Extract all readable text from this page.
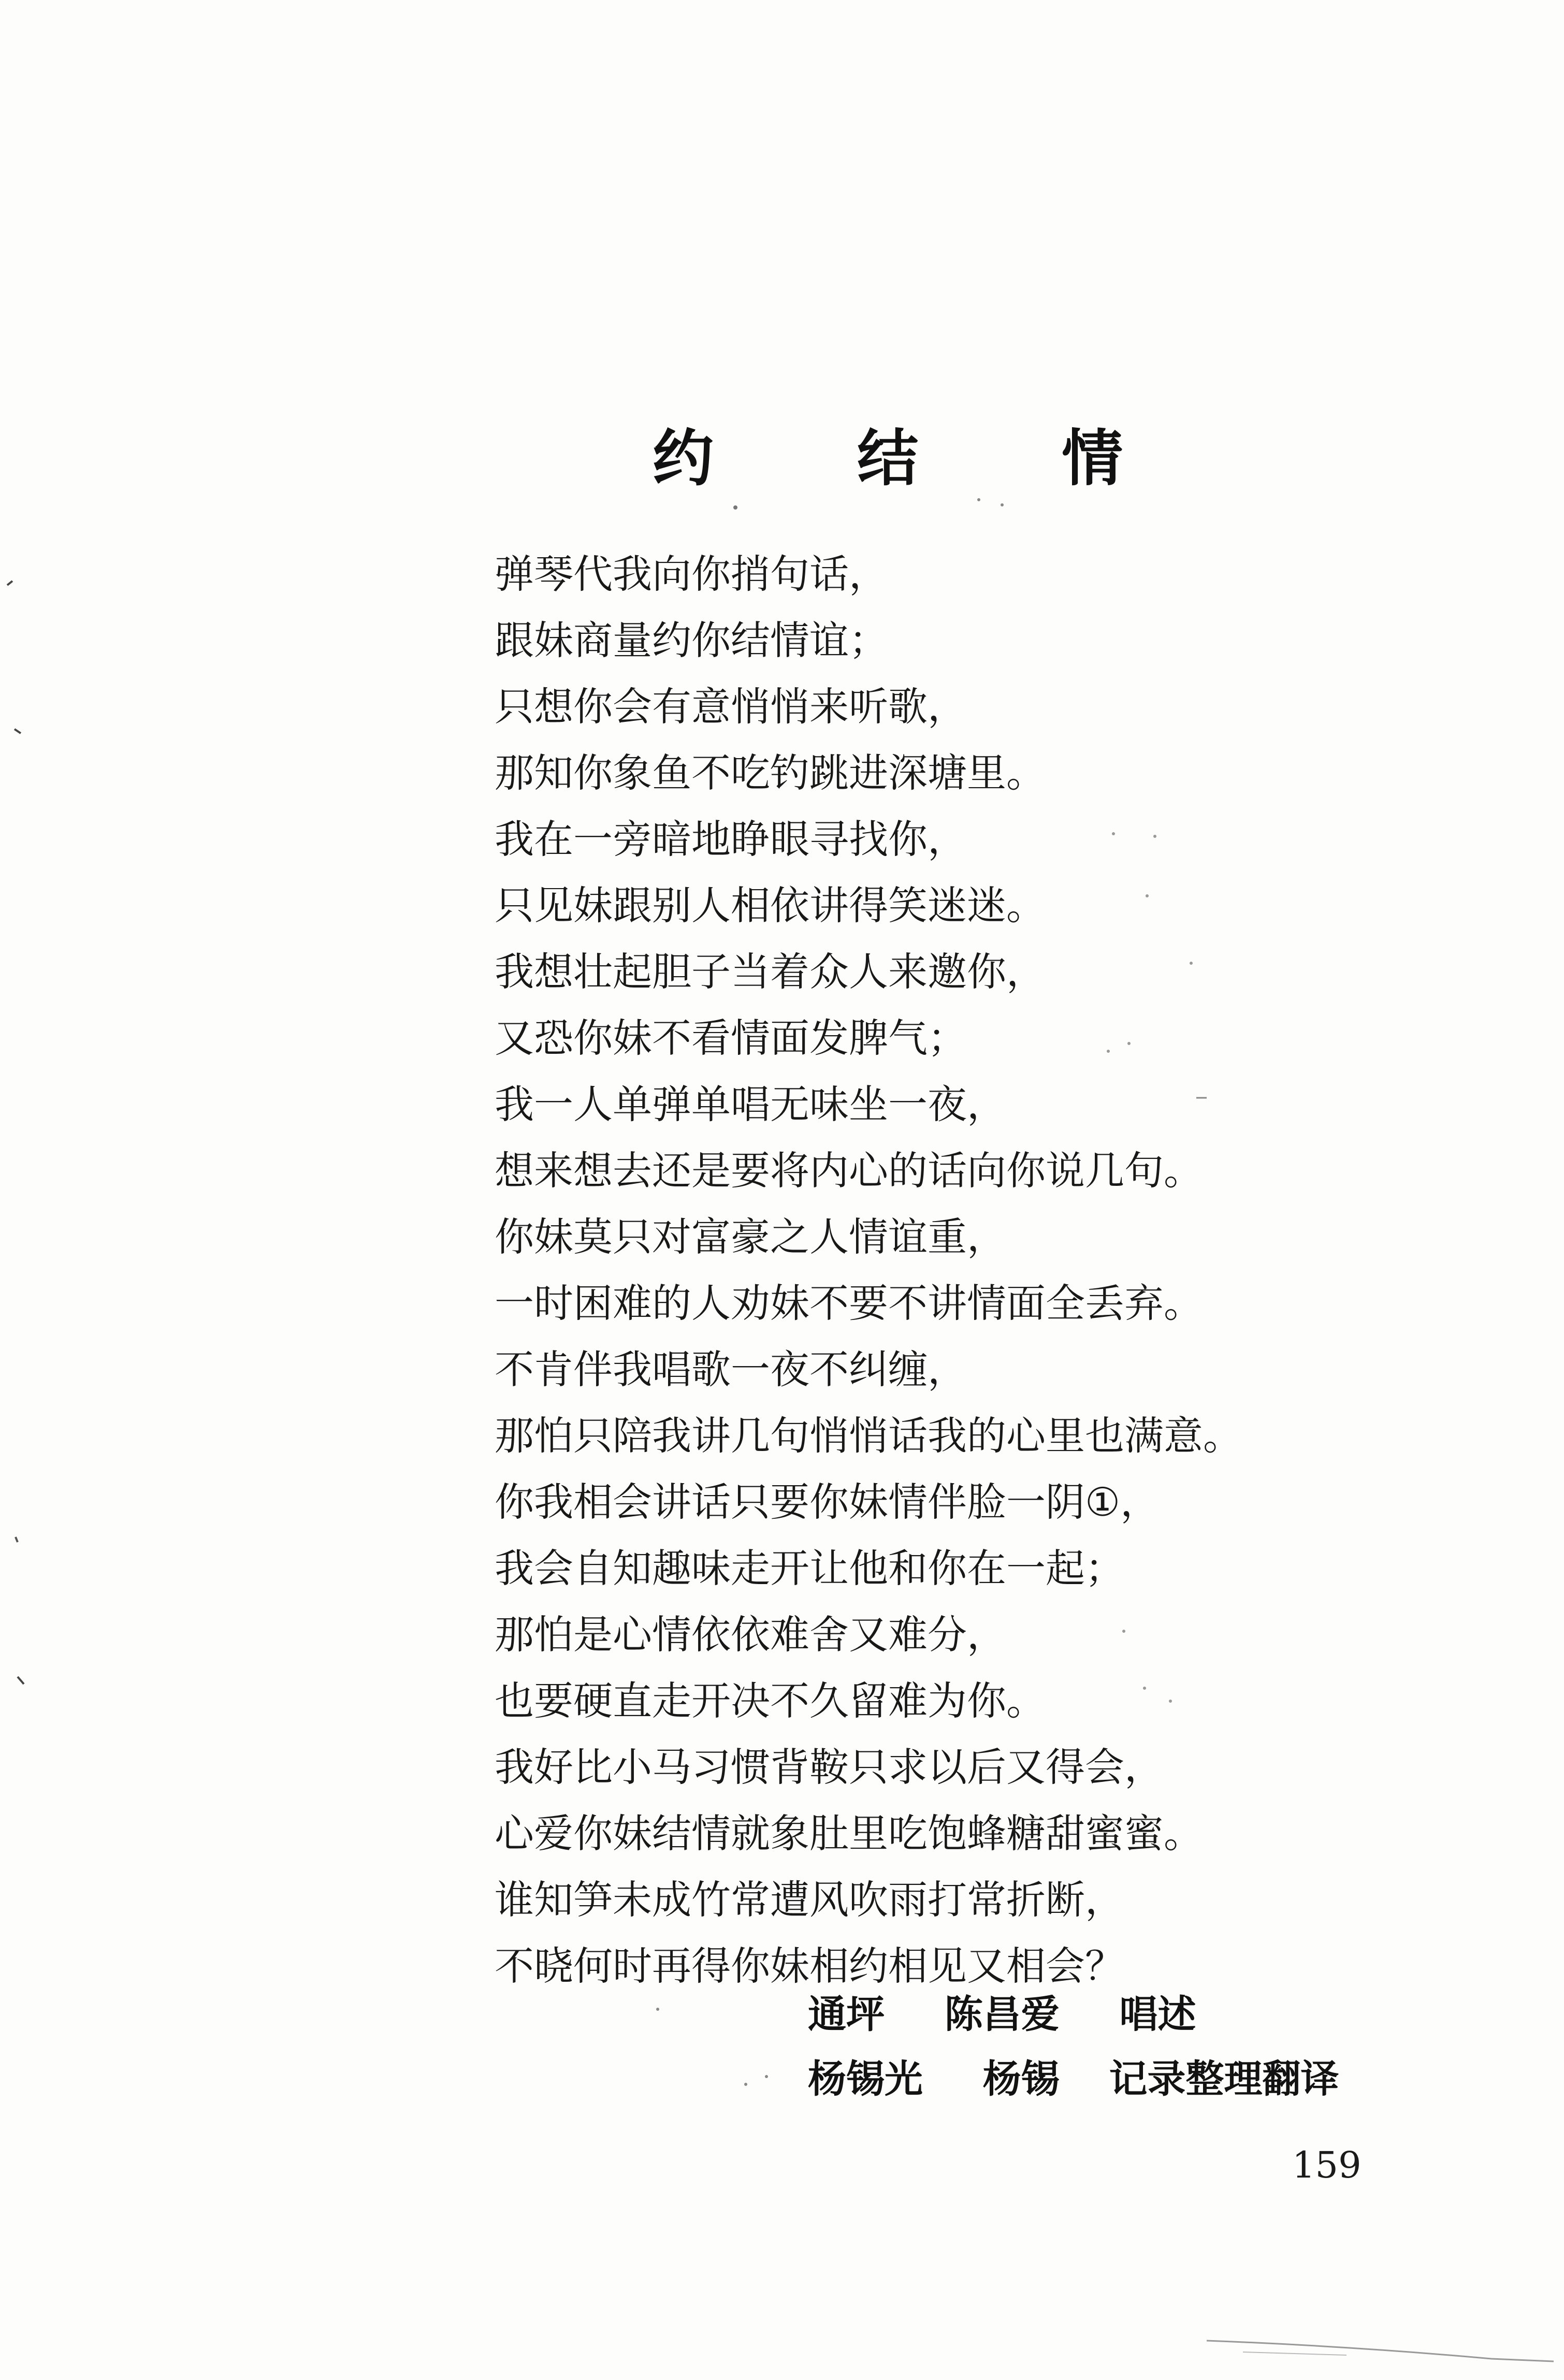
约 结 情
弹琴代我向你捎句话，
跟妹商量约你结情谊；
只想你会有意悄悄来听歌，
那知你象鱼不吃钓跳进深塘里。
我在一旁暗地睁眼寻找你，
只见妹跟别人相依讲得笑迷迷。
我想壮起胆子当着众人来邀你，
又恐你妹不看情面发脾气；
我一人单弹单唱无味坐一夜，
想来想去还是要将内心的话向你说几句。
你妹莫只对富豪之人情谊重，
一时困难的人劝妹不要不讲情面全丢弃。
不肯伴我唱歌一夜不纠缠，
那怕只陪我讲几句悄悄话我的心里也满意。
你我相会讲话只要你妹情伴脸一阴①，
我会自知趣味走开让他和你在一起；
那怕是心情依依难舍又难分，
也要硬直走开决不久留难为你。
我好比小马习惯背鞍只求以后又得会，
心爱你妹结情就象肚里吃饱蜂糖甜蜜蜜。
谁知笋未成竹常遭风吹雨打常折断，
不晓何时再得你妹相约相见又相会？
通坪 陈昌爱 唱述
杨锡光 杨锡 记录整理翻译
159
